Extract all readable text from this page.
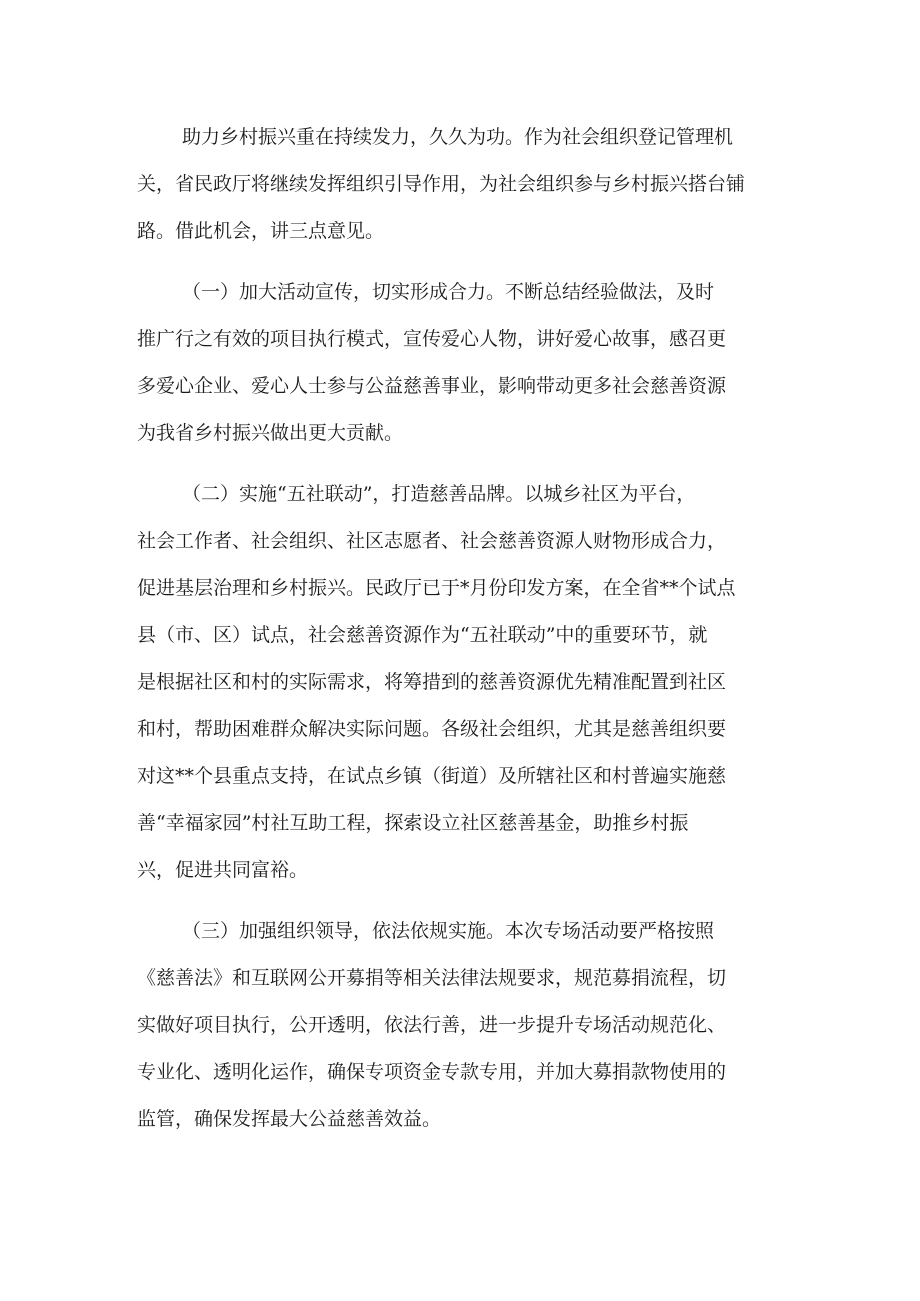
助力乡村振兴重在持续发力，久久为功。作为社会组织登记管理机

关，省民政厅将继续发挥组织引导作用，为社会组织参与乡村振兴搭台铺

路。借此机会，讲三点意见。

（一）加大活动宣传，切实形成合力。不断总结经验做法，及时

推广行之有效的项目执行模式，宣传爱心人物，讲好爱心故事，感召更

多爱心企业、爱心人士参与公益慈善事业，影响带动更多社会慈善资源

为我省乡村振兴做出更大贡献。

（二）实施“五社联动”，打造慈善品牌。以城乡社区为平台，

社会工作者、社会组织、社区志愿者、社会慈善资源人财物形成合力，

促进基层治理和乡村振兴。民政厅已于*月份印发方案，在全省**个试点

县（市、区）试点，社会慈善资源作为“五社联动”中的重要环节，就

是根据社区和村的实际需求，将筹措到的慈善资源优先精准配置到社区

和村，帮助困难群众解决实际问题。各级社会组织，尤其是慈善组织要

对这**个县重点支持，在试点乡镇（街道）及所辖社区和村普遍实施慈

善“幸福家园”村社互助工程，探索设立社区慈善基金，助推乡村振

兴，促进共同富裕。

（三）加强组织领导，依法依规实施。本次专场活动要严格按照

《慈善法》和互联网公开募捐等相关法律法规要求，规范募捐流程，切

实做好项目执行，公开透明，依法行善，进一步提升专场活动规范化、

专业化、透明化运作，确保专项资金专款专用，并加大募捐款物使用的

监管，确保发挥最大公益慈善效益。
